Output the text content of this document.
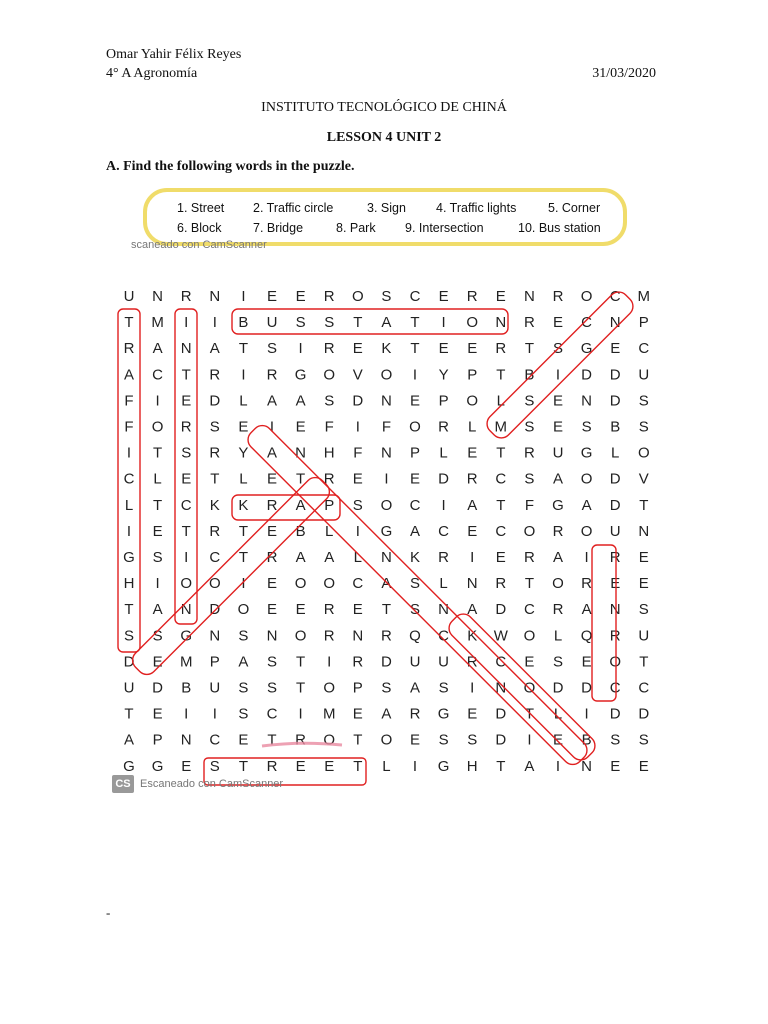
Omar Yahir Félix Reyes
4° A Agronomía	31/03/2020
INSTITUTO TECNOLÓGICO DE CHINÁ
LESSON 4 UNIT 2
A. Find the following words in the puzzle.
1. Street 2. Traffic circle	3. Sign 4. Traffic lights	5. Corner
6. Block	7. Bridge	8. Park 9. Intersection	10. Bus station
scaneado con CamScanner
U N R N I E E R O S C E R E N R O C M
T M I I B U S S T A T I O N R E C N P
R A N A T S I R E K T E E R T S G E C
A C T R I R G O V O I Y P T B I D D U
F I E D L A A S D N E P O L S E N D S
F O R S E I E F I F O R L M S E S B S
I T S R Y A N H F N P L E T R U G L O
C L E T L E T R E I E D R C S A O D V
L T C K K R A P S O C I A T F G A D T
I E T R T E B L I G A C E C O R O U N
G S I C T R A A L N K R I E R A I R E
H I O O I E O O C A S L N R T O R E E
T A N D O E E R E T S N A D C R A N S
S S G N S N O R N R Q C K W O L Q R U
D E M P A S T I R D U U R C E S E O T
U D B U S S T O P S A S I N O D D C C
T E I I S C I M E A R G E D T L I D D
A P N C E T R O T O E S S D I E B S S
G G E S T R E E T L I G H T A I N E E
CS Escaneado con CamScanner
-
